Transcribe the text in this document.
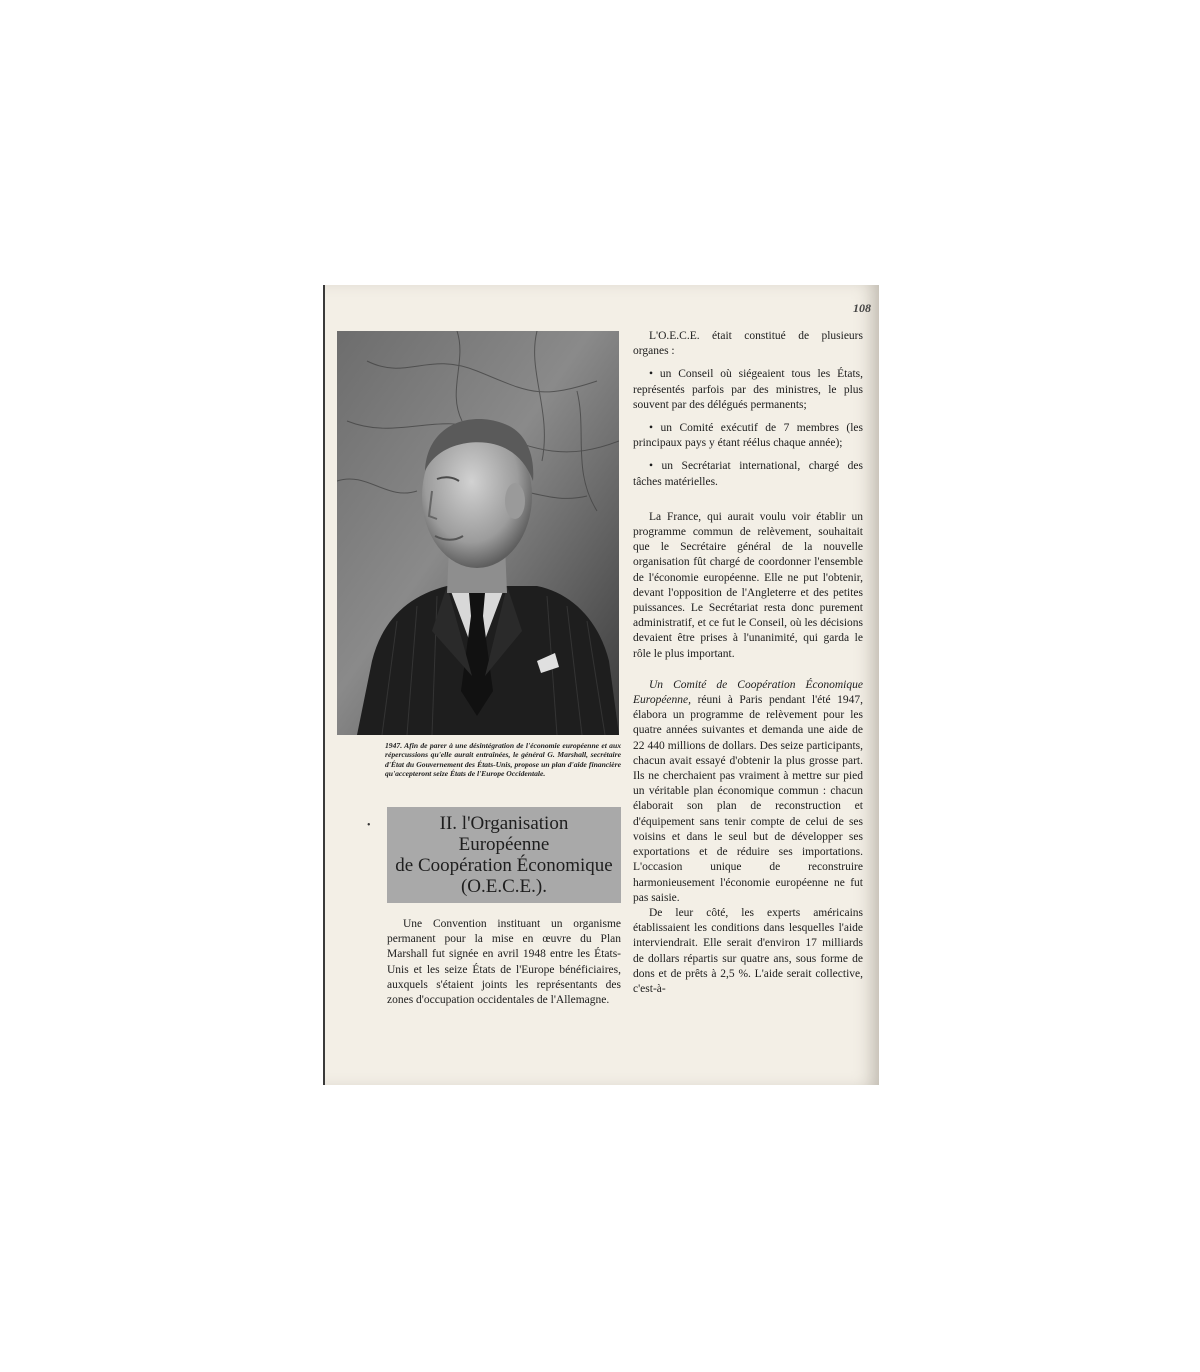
108
1947. Afin de parer à une désintégration de l'économie européenne et aux répercussions qu'elle aurait entraînées, le général G. Marshall, secrétaire d'État du Gouvernement des États-Unis, propose un plan d'aide financière qu'accepteront seize États de l'Europe Occidentale.
•	II. l'Organisation
Européenne
de Coopération Économique
(O.E.C.E.).

Une Convention instituant un organisme permanent pour la mise en œuvre du Plan Marshall fut signée en avril 1948 entre les États-Unis et les seize États de l'Europe bénéficiaires, auxquels s'étaient joints les représentants des zones d'occupation occidentales de l'Allemagne.

L'O.E.C.E. était constitué de plusieurs organes :

• un Conseil où siégeaient tous les États, représentés parfois par des ministres, le plus souvent par des délégués permanents;

• un Comité exécutif de 7 membres (les principaux pays y étant réélus chaque année);

• un Secrétariat international, chargé des tâches matérielles.

La France, qui aurait voulu voir établir un programme commun de relèvement, souhaitait que le Secrétaire général de la nouvelle organisation fût chargé de coordonner l'ensemble de l'économie européenne. Elle ne put l'obtenir, devant l'opposition de l'Angleterre et des petites puissances. Le Secrétariat resta donc purement administratif, et ce fut le Conseil, où les décisions devaient être prises à l'unanimité, qui garda le rôle le plus important.

Un Comité de Coopération Économique Européenne, réuni à Paris pendant l'été 1947, élabora un programme de relèvement pour les quatre années suivantes et demanda une aide de 22 440 millions de dollars. Des seize participants, chacun avait essayé d'obtenir la plus grosse part. Ils ne cherchaient pas vraiment à mettre sur pied un véritable plan économique commun : chacun élaborait son plan de reconstruction et d'équipement sans tenir compte de celui de ses voisins et dans le seul but de développer ses exportations et de réduire ses importations. L'occasion unique de reconstruire harmonieusement l'économie européenne ne fut pas saisie.

De leur côté, les experts américains établissaient les conditions dans lesquelles l'aide interviendrait. Elle serait d'environ 17 milliards de dollars répartis sur quatre ans, sous forme de dons et de prêts à 2,5 %. L'aide serait collective, c'est-à-
